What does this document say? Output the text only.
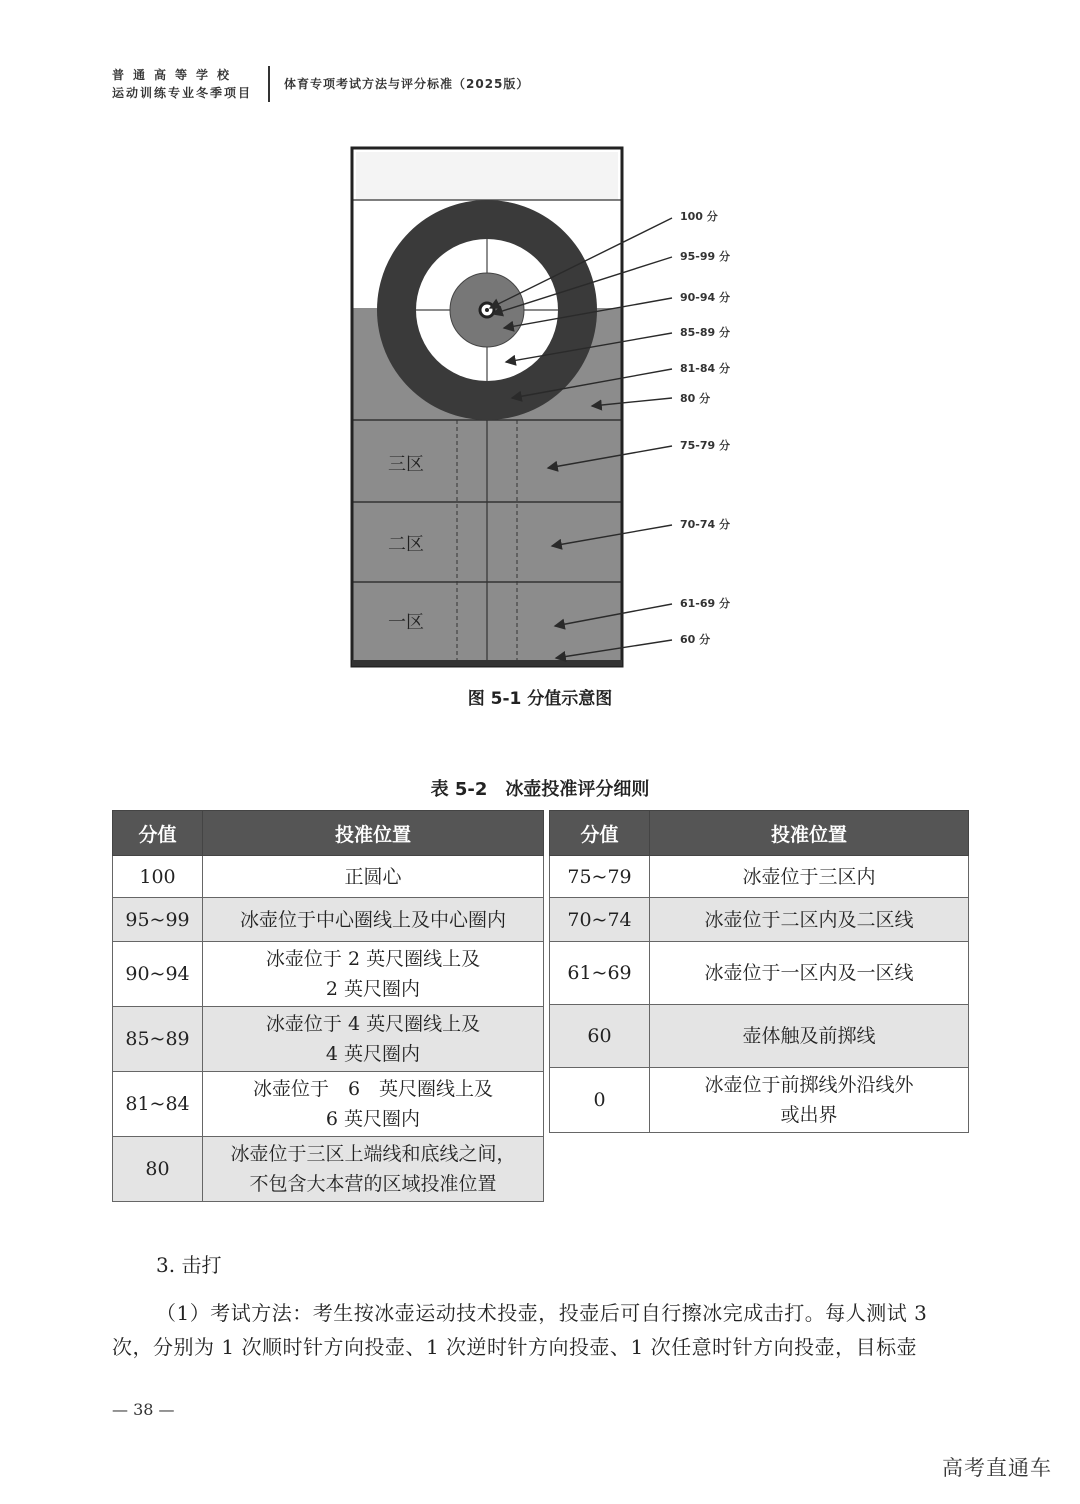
普通高等学校
运动训练专业冬季项目
体育专项考试方法与评分标准（2025版）
三区
二区
一区
100 分
95-99 分
90-94 分
85-89 分
81-84 分
80 分
75-79 分
70-74 分
61-69 分
60 分
图 5-1 分值示意图
表 5-2　冰壶投准评分细则
分值	投准位置
100	正圆心
95~99	冰壶位于中心圈线上及中心圈内
90~94	冰壶位于 2 英尺圈线上及
2 英尺圈内

85~89	冰壶位于 4 英尺圈线上及
4 英尺圈内

81~84	冰壶位于　6　英尺圈线上及
6 英尺圈内

80	冰壶位于三区上端线和底线之间，
不包含大本营的区域投准位置
分值	投准位置
75~79	冰壶位于三区内
70~74	冰壶位于二区内及二区线
61~69	冰壶位于一区内及一区线
60	壶体触及前掷线
0	冰壶位于前掷线外沿线外
或出界
3. 击打
（1）考试方法：考生按冰壶运动技术投壶，投壶后可自行擦冰完成击打。每人测试 3 次，分别为 1 次顺时针方向投壶、1 次逆时针方向投壶、1 次任意时针方向投壶，目标壶
— 38 —
高考直通车
